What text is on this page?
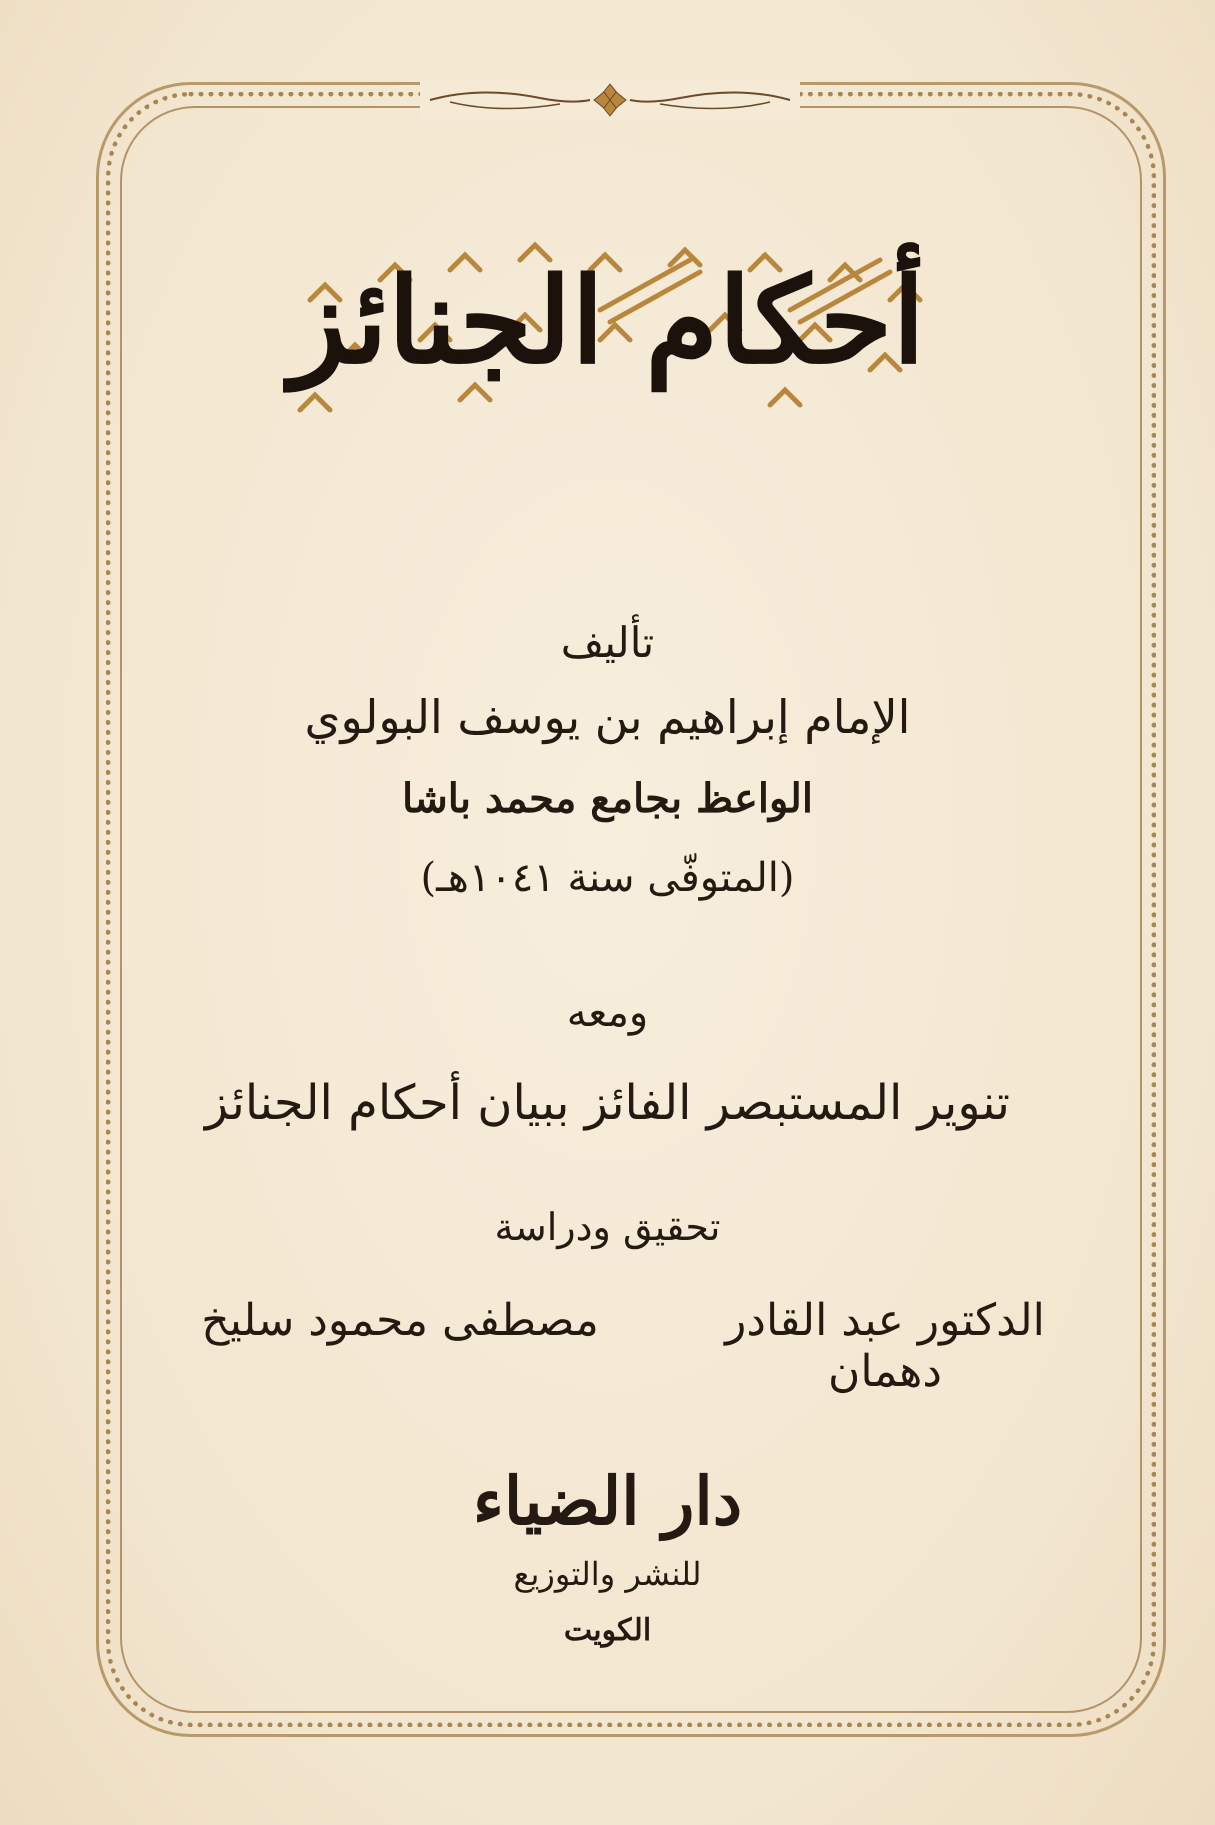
أحكام الجنائز
تأليف
الإمام إبراهيم بن يوسف البولوي
الواعظ بجامع محمد باشا
(المتوفّى سنة ١٠٤١هـ)
ومعه
تنوير المستبصر الفائز ببيان أحكام الجنائز
تحقيق ودراسة
الدكتور عبد القادر دهمان
مصطفى محمود سليخ
دار الضياء
للنشر والتوزيع
الكويت
